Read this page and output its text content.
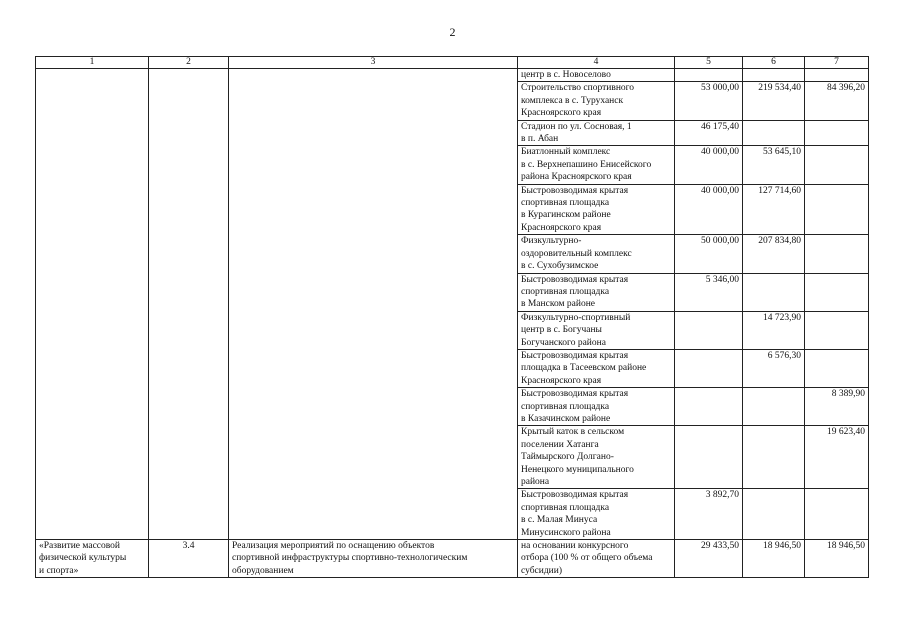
2
1	2	3	4	5	6	7

			центр в с. Новоселово			

			Строительство спортивного
комплекса в с. Туруханск
Красноярского края	53 000,00	219 534,40	84 396,20

			Стадион по ул. Сосновая, 1
в п. Абан	46 175,40		

			Биатлонный комплекс
в с. Верхнепашино Енисейского
района Красноярского края	40 000,00	53 645,10	

			Быстровозводимая крытая
спортивная площадка
в Курагинском районе
Красноярского края	40 000,00	127 714,60	

			Физкультурно-
оздоровительный комплекс
в с. Сухобузимское	50 000,00	207 834,80	

			Быстровозводимая крытая
спортивная площадка
в Манском районе	5 346,00		

			Физкультурно-спортивный
центр в с. Богучаны
Богучанского района		14 723,90	

			Быстровозводимая крытая
площадка в Тасеевском районе
Красноярского края		6 576,30	

			Быстровозводимая крытая
спортивная площадка
в Казачинском районе			8 389,90

			Крытый каток в сельском
поселении Хатанга
Таймырского Долгано-
Ненецкого муниципального
района			19 623,40

			Быстровозводимая крытая
спортивная площадка
в с. Малая Минуса
Минусинского района	3 892,70		

«Развитие массовой
физической культуры
и спорта»	3.4	Реализация мероприятий по оснащению объектов
спортивной инфраструктуры спортивно-технологическим
оборудованием	на основании конкурсного
отбора (100 % от общего объема
субсидии)	29 433,50	18 946,50	18 946,50
